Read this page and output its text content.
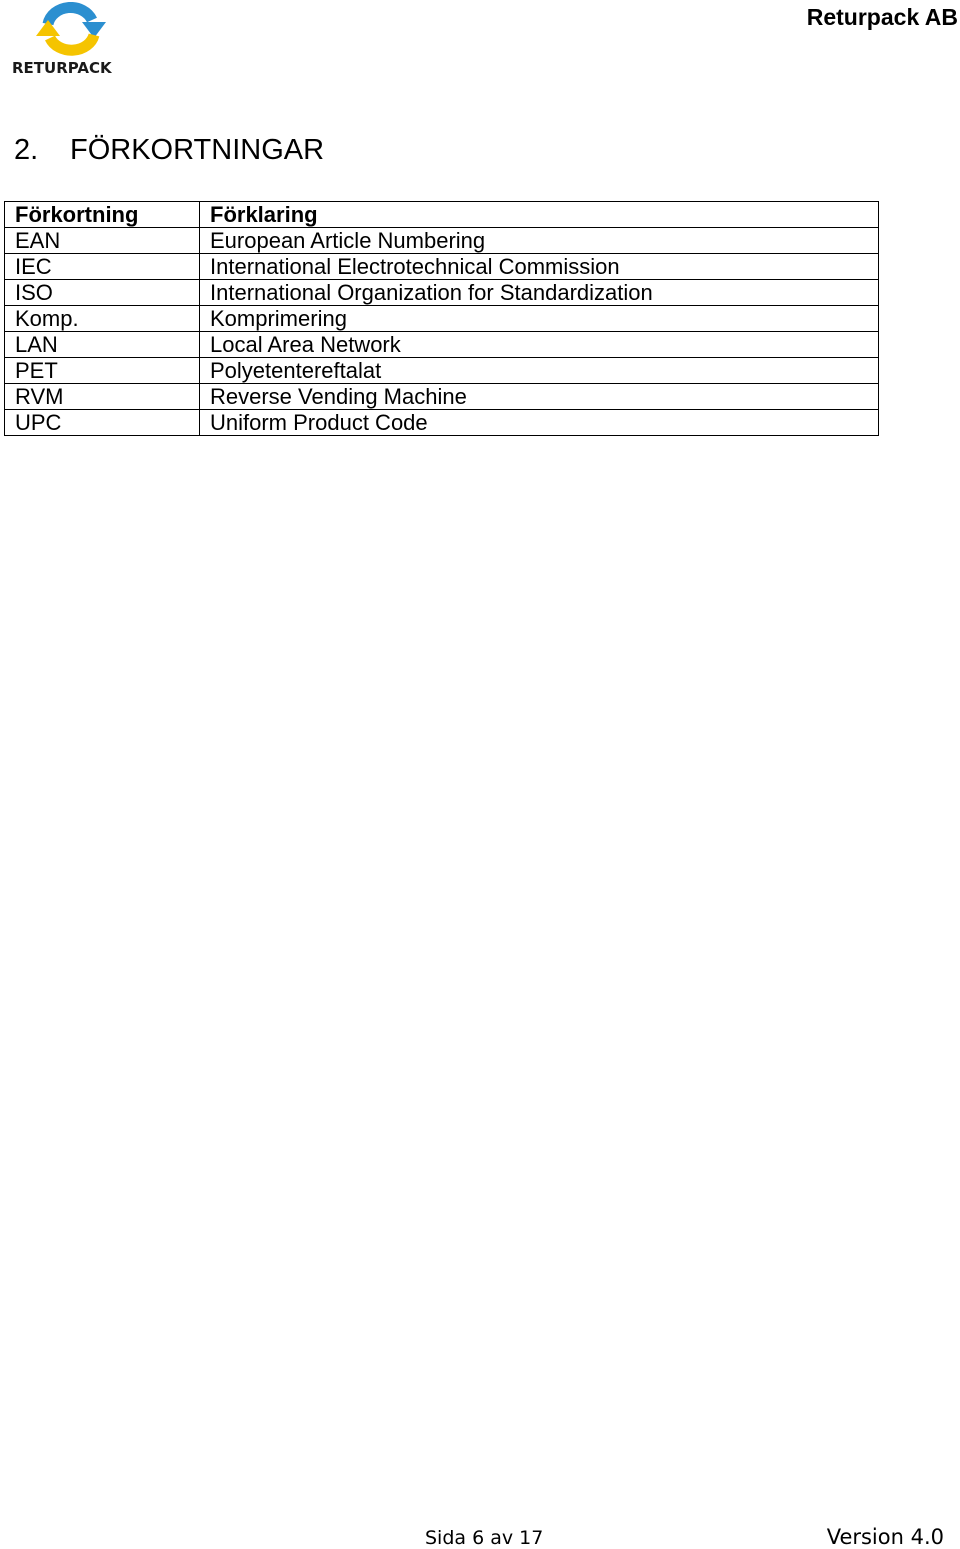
RETURPACK
Returpack AB
2. FÖRKORTNINGAR
Förkortning	Förklaring
EAN	European Article Numbering
IEC	International Electrotechnical Commission
ISO	International Organization for Standardization
Komp.	Komprimering
LAN	Local Area Network
PET	Polyetentereftalat
RVM	Reverse Vending Machine
UPC	Uniform Product Code
Sida 6 av 17	Version 4.0
